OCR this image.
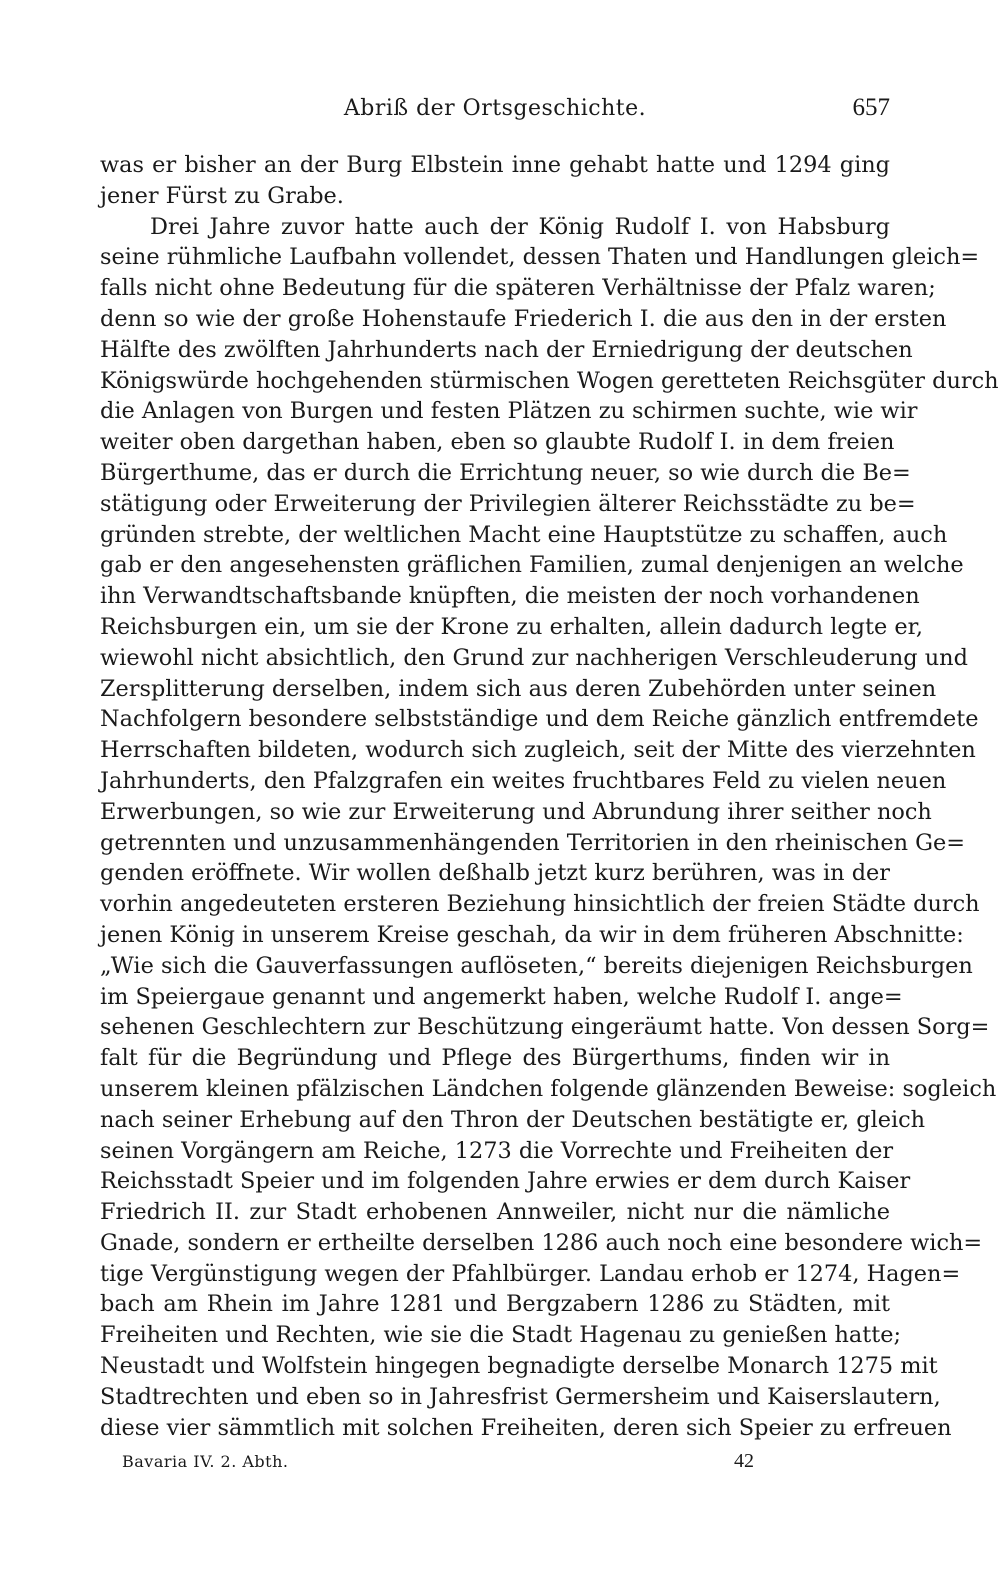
Abriß der Ortsgeschichte.	657
was er bisher an der Burg Elbstein inne gehabt hatte und 1294 ging
jener Fürst zu Grabe.
Drei Jahre zuvor hatte auch der König Rudolf I. von Habsburg
seine rühmliche Laufbahn vollendet, dessen Thaten und Handlungen gleich=
falls nicht ohne Bedeutung für die späteren Verhältnisse der Pfalz waren;
denn so wie der große Hohenstaufe Friederich I. die aus den in der ersten
Hälfte des zwölften Jahrhunderts nach der Erniedrigung der deutschen
Königswürde hochgehenden stürmischen Wogen geretteten Reichsgüter durch
die Anlagen von Burgen und festen Plätzen zu schirmen suchte, wie wir
weiter oben dargethan haben, eben so glaubte Rudolf I. in dem freien
Bürgerthume, das er durch die Errichtung neuer, so wie durch die Be=
stätigung oder Erweiterung der Privilegien älterer Reichsstädte zu be=
gründen strebte, der weltlichen Macht eine Hauptstütze zu schaffen, auch
gab er den angesehensten gräflichen Familien, zumal denjenigen an welche
ihn Verwandtschaftsbande knüpften, die meisten der noch vorhandenen
Reichsburgen ein, um sie der Krone zu erhalten, allein dadurch legte er,
wiewohl nicht absichtlich, den Grund zur nachherigen Verschleuderung und
Zersplitterung derselben, indem sich aus deren Zubehörden unter seinen
Nachfolgern besondere selbstständige und dem Reiche gänzlich entfremdete
Herrschaften bildeten, wodurch sich zugleich, seit der Mitte des vierzehnten
Jahrhunderts, den Pfalzgrafen ein weites fruchtbares Feld zu vielen neuen
Erwerbungen, so wie zur Erweiterung und Abrundung ihrer seither noch
getrennten und unzusammenhängenden Territorien in den rheinischen Ge=
genden eröffnete. Wir wollen deßhalb jetzt kurz berühren, was in der
vorhin angedeuteten ersteren Beziehung hinsichtlich der freien Städte durch
jenen König in unserem Kreise geschah, da wir in dem früheren Abschnitte:
„Wie sich die Gauverfassungen auflöseten,“ bereits diejenigen Reichsburgen
im Speiergaue genannt und angemerkt haben, welche Rudolf I. ange=
sehenen Geschlechtern zur Beschützung eingeräumt hatte. Von dessen Sorg=
falt für die Begründung und Pflege des Bürgerthums, finden wir in
unserem kleinen pfälzischen Ländchen folgende glänzenden Beweise: sogleich
nach seiner Erhebung auf den Thron der Deutschen bestätigte er, gleich
seinen Vorgängern am Reiche, 1273 die Vorrechte und Freiheiten der
Reichsstadt Speier und im folgenden Jahre erwies er dem durch Kaiser
Friedrich II. zur Stadt erhobenen Annweiler, nicht nur die nämliche
Gnade, sondern er ertheilte derselben 1286 auch noch eine besondere wich=
tige Vergünstigung wegen der Pfahlbürger. Landau erhob er 1274, Hagen=
bach am Rhein im Jahre 1281 und Bergzabern 1286 zu Städten, mit
Freiheiten und Rechten, wie sie die Stadt Hagenau zu genießen hatte;
Neustadt und Wolfstein hingegen begnadigte derselbe Monarch 1275 mit
Stadtrechten und eben so in Jahresfrist Germersheim und Kaiserslautern,
diese vier sämmtlich mit solchen Freiheiten, deren sich Speier zu erfreuen
Bavaria IV. 2. Abth.	42
